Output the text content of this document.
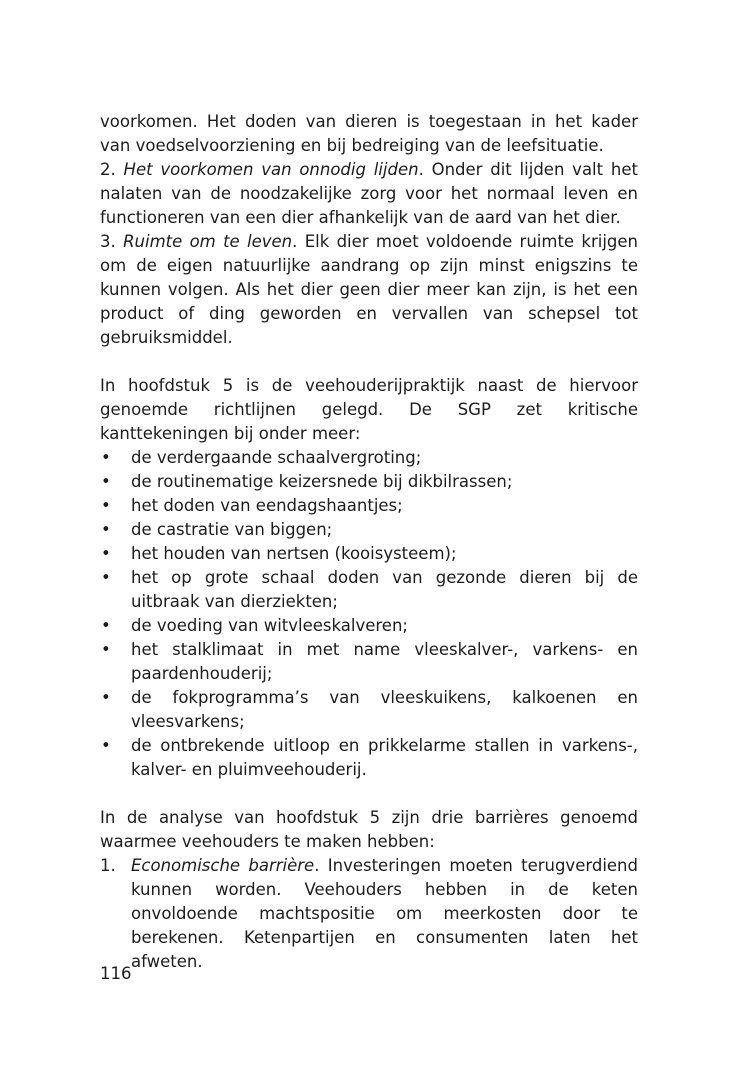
voorkomen. Het doden van dieren is toegestaan in het kader van voedselvoorziening en bij bedreiging van de leefsituatie.

2. Het voorkomen van onnodig lijden. Onder dit lijden valt het nalaten van de noodzakelijke zorg voor het normaal leven en functioneren van een dier afhankelijk van de aard van het dier.

3. Ruimte om te leven. Elk dier moet voldoende ruimte krijgen om de eigen natuurlijke aandrang op zijn minst enigszins te kunnen volgen. Als het dier geen dier meer kan zijn, is het een product of ding geworden en vervallen van schepsel tot gebruiksmiddel.

In hoofdstuk 5 is de veehouderijpraktijk naast de hiervoor genoemde richtlijnen gelegd. De SGP zet kritische kanttekeningen bij onder meer:

• de verdergaande schaalvergroting;
• de routinematige keizersnede bij dikbilrassen;
• het doden van eendagshaantjes;
• de castratie van biggen;
• het houden van nertsen (kooisysteem);
• het op grote schaal doden van gezonde dieren bij de uitbraak van dierziekten;
• de voeding van witvleeskalveren;
• het stalklimaat in met name vleeskalver-, varkens- en paardenhouderij;
• de fokprogramma’s van vleeskuikens, kalkoenen en vleesvarkens;
• de ontbrekende uitloop en prikkelarme stallen in varkens-, kalver- en pluimveehouderij.

In de analyse van hoofdstuk 5 zijn drie barrières genoemd waarmee veehouders te maken hebben:

1. Economische barrière. Investeringen moeten terugverdiend kunnen worden. Veehouders hebben in de keten onvoldoende machtspositie om meerkosten door te berekenen. Ketenpartijen en consumenten laten het afweten.
116
